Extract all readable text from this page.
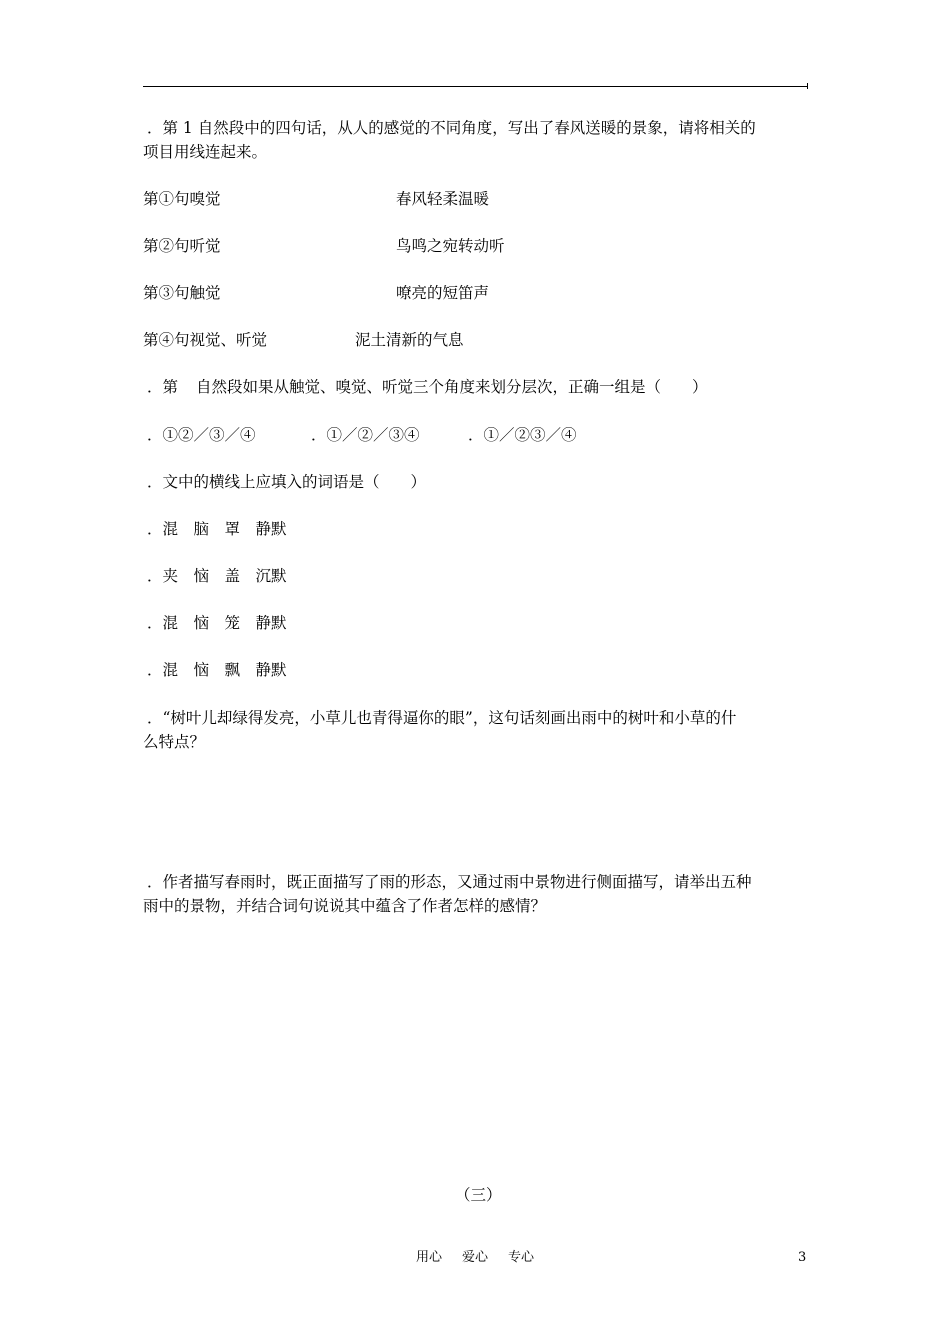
．第 1 自然段中的四句话，从人的感觉的不同角度，写出了春风送暖的景象，请将相关的
项目用线连起来。
第①句嗅觉	春风轻柔温暖
第②句听觉	鸟鸣之宛转动听
第③句触觉	嘹亮的短笛声
第④句视觉、听觉	泥土清新的气息
．第 自然段如果从触觉、嗅觉、听觉三个角度来划分层次，正确一组是（　　）
．①②／③／④	．①／②／③④	．①／②③／④
．文中的横线上应填入的词语是（　　）
．混　脑　罩　静默
．夹　恼　盖　沉默
．混　恼　笼　静默
．混　恼　飘　静默
．“树叶儿却绿得发亮，小草儿也青得逼你的眼”，这句话刻画出雨中的树叶和小草的什
么特点？
．作者描写春雨时，既正面描写了雨的形态，又通过雨中景物进行侧面描写，请举出五种
雨中的景物，并结合词句说说其中蕴含了作者怎样的感情？
（三）
用心 爱心 专心	3
